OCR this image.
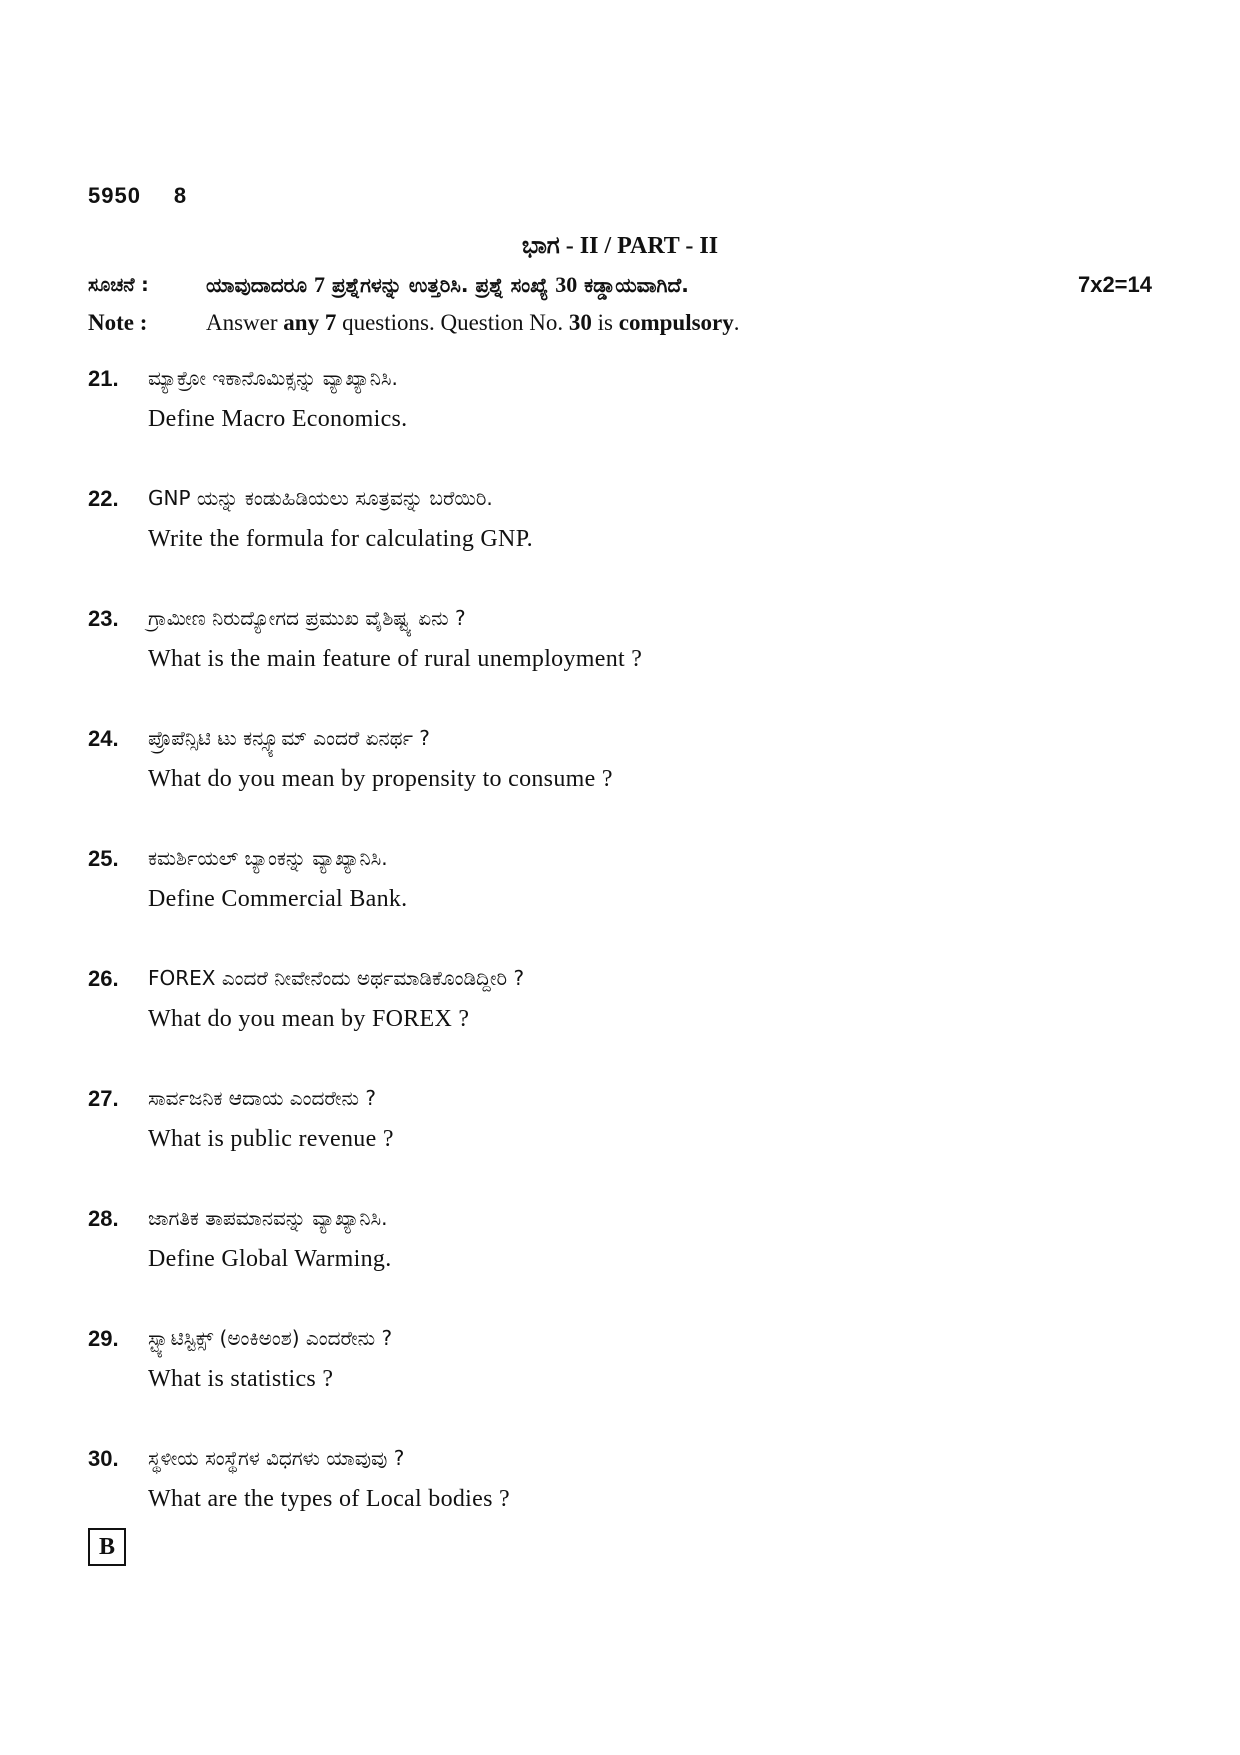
5950	8
ಭಾಗ - II / PART - II
ಸೂಚನೆ :	ಯಾವುದಾದರೂ 7 ಪ್ರಶ್ನೆಗಳನ್ನು ಉತ್ತರಿಸಿ. ಪ್ರಶ್ನೆ ಸಂಖ್ಯೆ 30 ಕಡ್ಡಾಯವಾಗಿದೆ.	7x2=14
Note :	Answer any 7 questions. Question No. 30 is compulsory.
21. ಮ್ಯಾಕ್ರೋ ಇಕಾನೊಮಿಕ್ಸನ್ನು ವ್ಯಾಖ್ಯಾನಿಸಿ.
Define Macro Economics.
22. GNP ಯನ್ನು ಕಂಡುಹಿಡಿಯಲು ಸೂತ್ರವನ್ನು ಬರೆಯಿರಿ.
Write the formula for calculating GNP.
23. ಗ್ರಾಮೀಣ ನಿರುದ್ಯೋಗದ ಪ್ರಮುಖ ವೈಶಿಷ್ಟ್ಯ ಏನು ?
What is the main feature of rural unemployment ?
24. ಪ್ರೊಪೆನ್ಸಿಟಿ ಟು ಕನ್ಸ್ಯೂಮ್ ಎಂದರೆ ಏನರ್ಥ ?
What do you mean by propensity to consume ?
25. ಕಮರ್ಶಿಯಲ್ ಬ್ಯಾಂಕನ್ನು ವ್ಯಾಖ್ಯಾನಿಸಿ.
Define Commercial Bank.
26. FOREX ಎಂದರೆ ನೀವೇನೆಂದು ಅರ್ಥಮಾಡಿಕೊಂಡಿದ್ದೀರಿ ?
What do you mean by FOREX ?
27. ಸಾರ್ವಜನಿಕ ಆದಾಯ ಎಂದರೇನು ?
What is public revenue ?
28. ಜಾಗತಿಕ ತಾಪಮಾನವನ್ನು ವ್ಯಾಖ್ಯಾನಿಸಿ.
Define Global Warming.
29. ಸ್ಟ್ಯಾಟಿಸ್ಟಿಕ್ಸ್ (ಅಂಕಿಅಂಶ) ಎಂದರೇನು ?
What is statistics ?
30. ಸ್ಥಳೀಯ ಸಂಸ್ಥೆಗಳ ವಿಧಗಳು ಯಾವುವು ?
What are the types of Local bodies ?
B
